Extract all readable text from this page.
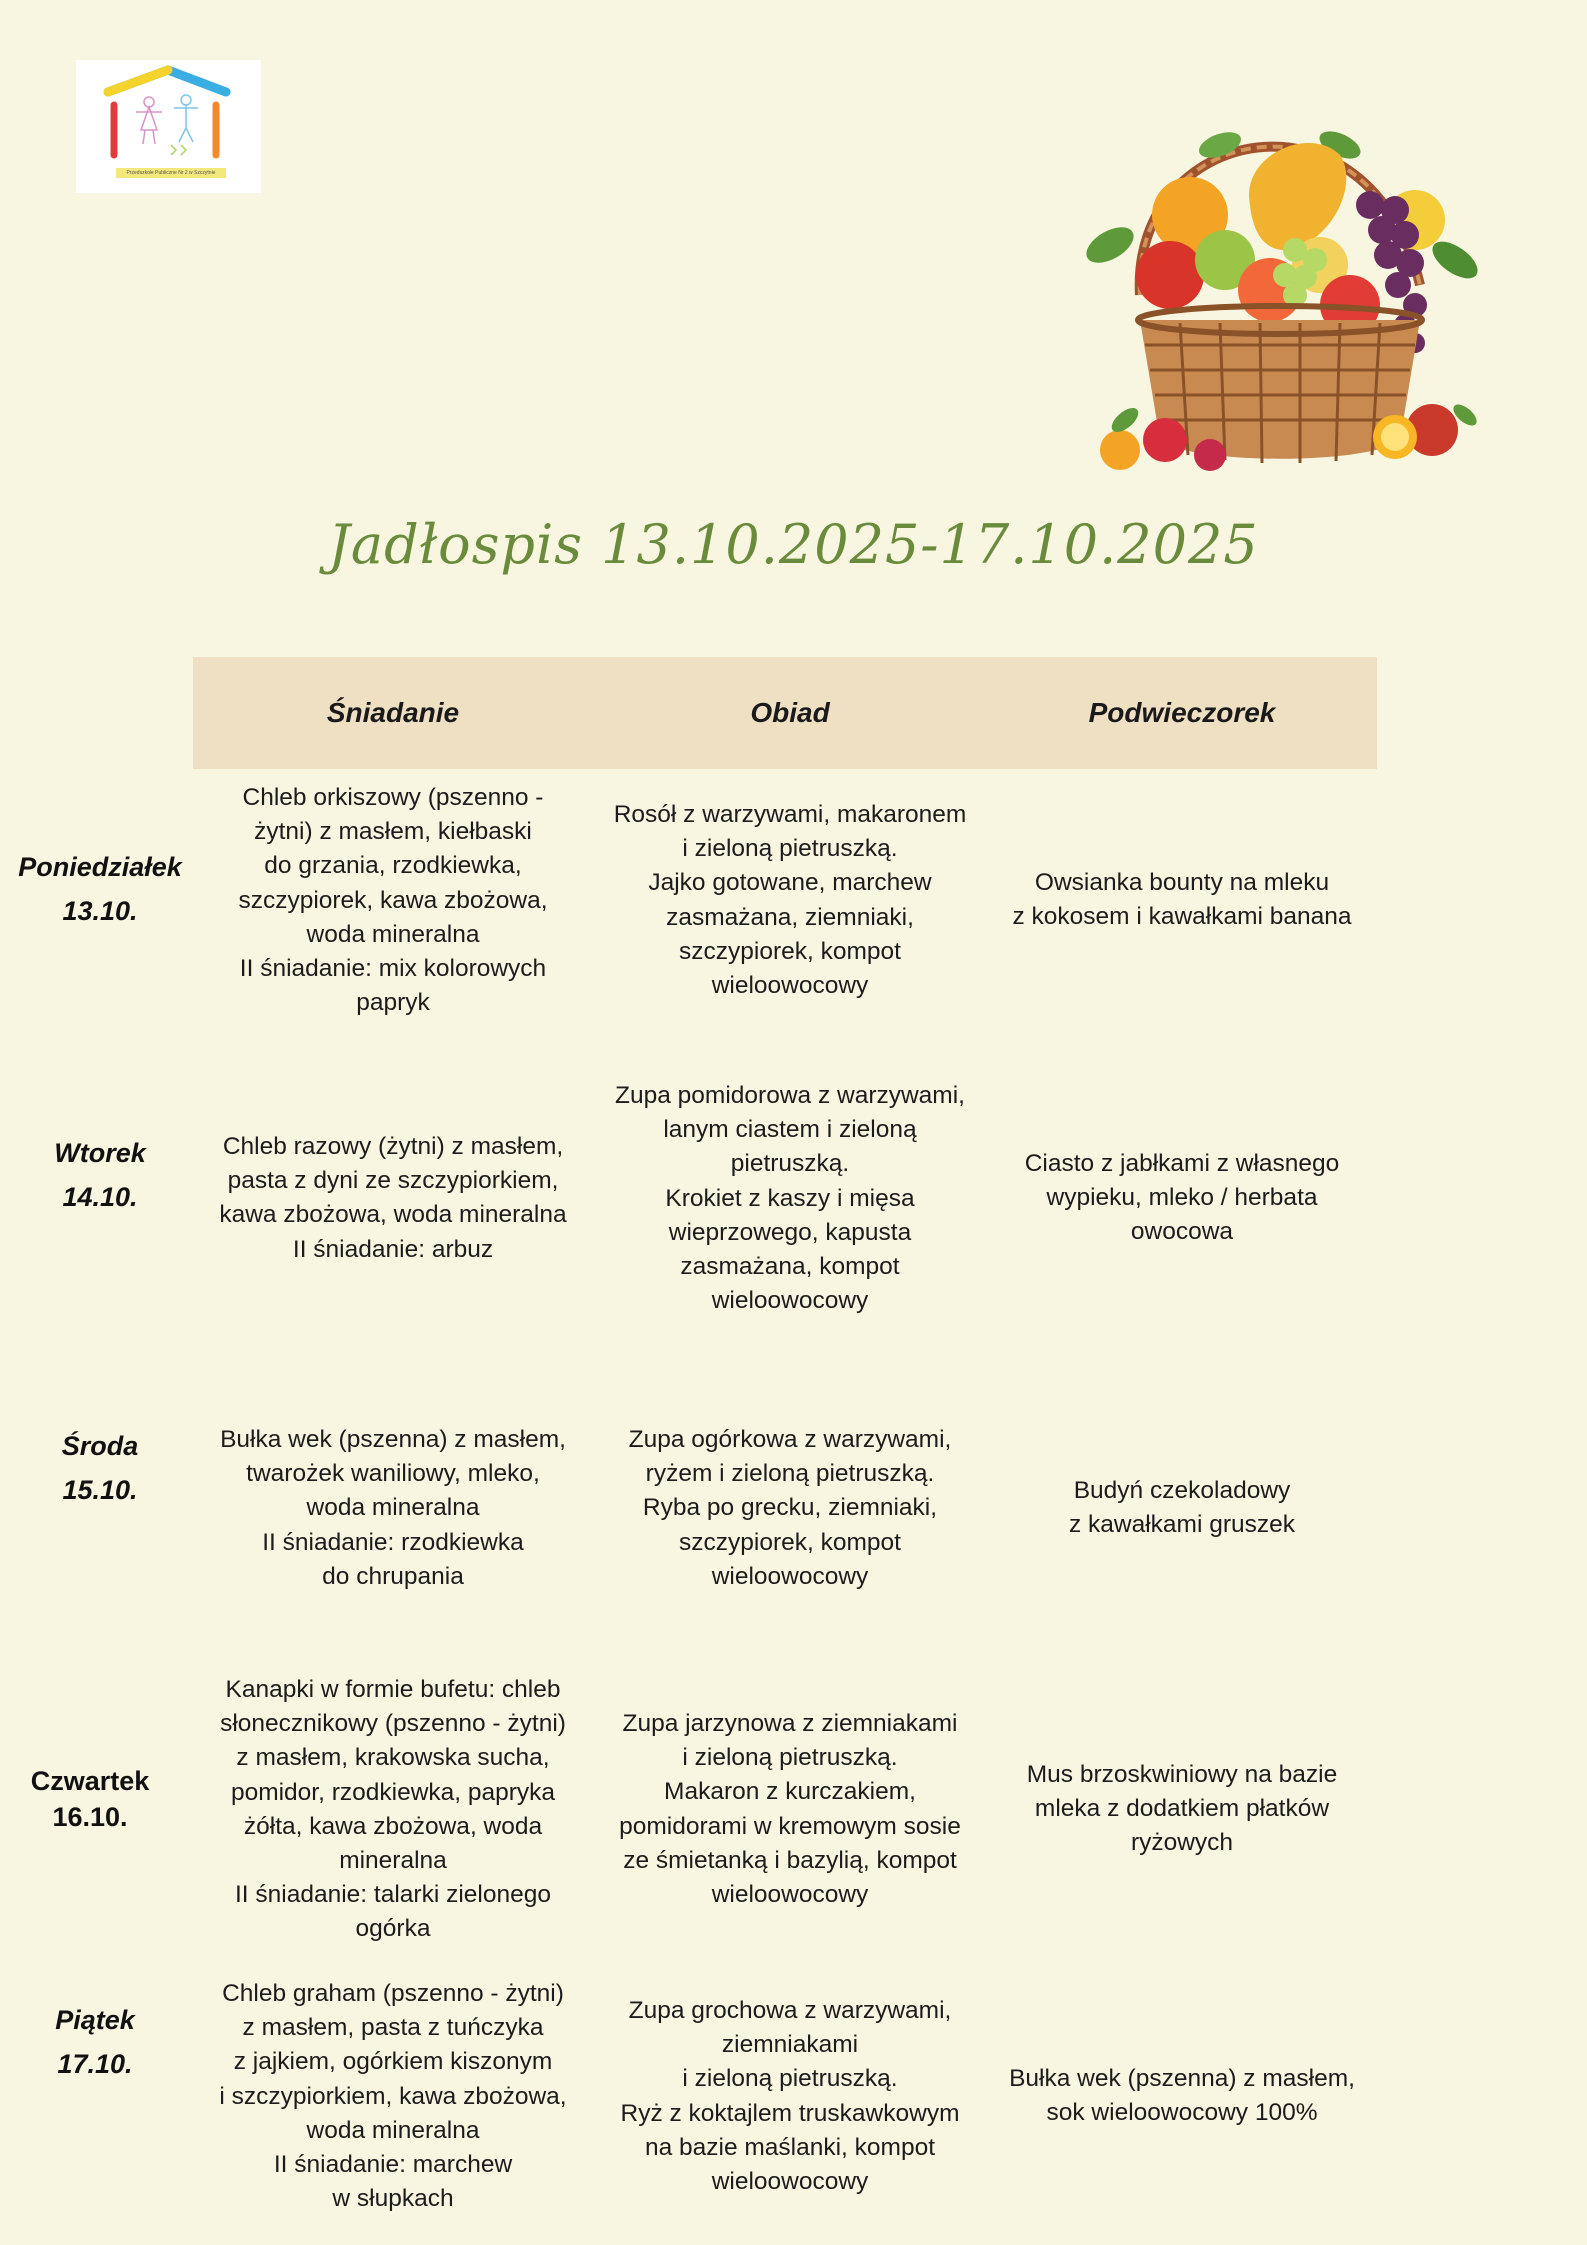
Przedszkole Publiczne Nr 2 w Szczytnie
Jadłospis 13.10.2025-17.10.2025
Śniadanie	Obiad	Podwieczorek
Poniedziałek
13.10.
Chleb orkiszowy (pszenno -
żytni) z masłem, kiełbaski
do grzania, rzodkiewka,
szczypiorek, kawa zbożowa,
woda mineralna
II śniadanie: mix kolorowych
papryk
Rosół z warzywami, makaronem
i zieloną pietruszką.
Jajko gotowane, marchew
zasmażana, ziemniaki,
szczypiorek, kompot
wieloowocowy
Owsianka bounty na mleku
z kokosem i kawałkami banana
Wtorek
14.10.
Chleb razowy (żytni) z masłem,
pasta z dyni ze szczypiorkiem,
kawa zbożowa, woda mineralna
II śniadanie: arbuz
Zupa pomidorowa z warzywami,
lanym ciastem i zieloną
pietruszką.
Krokiet z kaszy i mięsa
wieprzowego, kapusta
zasmażana, kompot
wieloowocowy
Ciasto z jabłkami z własnego
wypieku, mleko / herbata
owocowa
Środa
15.10.
Bułka wek (pszenna) z masłem,
twarożek waniliowy, mleko,
woda mineralna
II śniadanie: rzodkiewka
do chrupania
Zupa ogórkowa z warzywami,
ryżem i zieloną pietruszką.
Ryba po grecku, ziemniaki,
szczypiorek, kompot
wieloowocowy
Budyń czekoladowy
z kawałkami gruszek
Czwartek
16.10.
Kanapki w formie bufetu: chleb
słonecznikowy (pszenno - żytni)
z masłem, krakowska sucha,
pomidor, rzodkiewka, papryka
żółta, kawa zbożowa, woda
mineralna
II śniadanie: talarki zielonego
ogórka
Zupa jarzynowa z ziemniakami
i zieloną pietruszką.
Makaron z kurczakiem,
pomidorami w kremowym sosie
ze śmietanką i bazylią, kompot
wieloowocowy
Mus brzoskwiniowy na bazie
mleka z dodatkiem płatków
ryżowych
Piątek
17.10.
Chleb graham (pszenno - żytni)
z masłem, pasta z tuńczyka
z jajkiem, ogórkiem kiszonym
i szczypiorkiem, kawa zbożowa,
woda mineralna
II śniadanie: marchew
w słupkach
Zupa grochowa z warzywami,
ziemniakami
i zieloną pietruszką.
Ryż z koktajlem truskawkowym
na bazie maślanki, kompot
wieloowocowy
Bułka wek (pszenna) z masłem,
sok wieloowocowy 100%
